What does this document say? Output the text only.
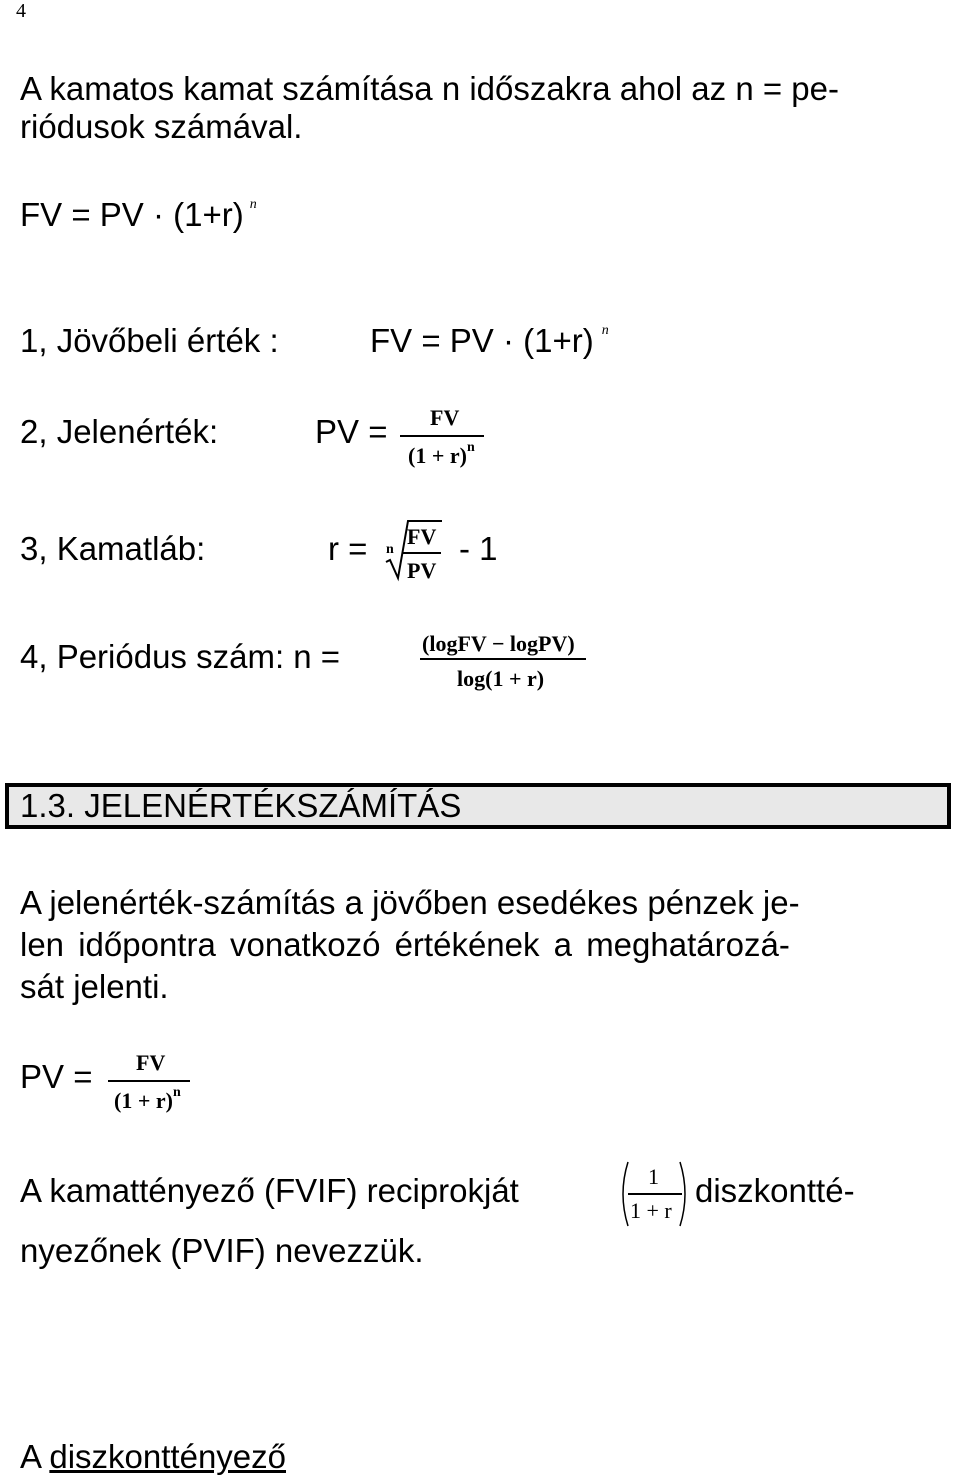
4
A kamatos kamat számítása n időszakra ahol az n = pe-
riódusok számával.
FV = PV · (1+r) $^n$
1, Jövőbeli érték :	FV = PV · (1+r) $^n$
2, Jelenérték:	PV = FV
$(1 + r)^n$
3, Kamatláb:	r = n
FV
PV
- 1
4, Periódus szám: n =	(logFV − logPV)
log(1 + r)
1.3. JELENÉRTÉKSZÁMÍTÁS
A jelenérték-számítás a jövőben esedékes pénzek je-
len időpontra vonatkozó értékének a meghatározá-
sát jelenti.
PV = FV
$(1 + r)^n$
A kamattényező (FVIF) reciprokját	1
1 + r
diszkontté-
nyezőnek (PVIF) nevezzük.
A diszkonttényező
